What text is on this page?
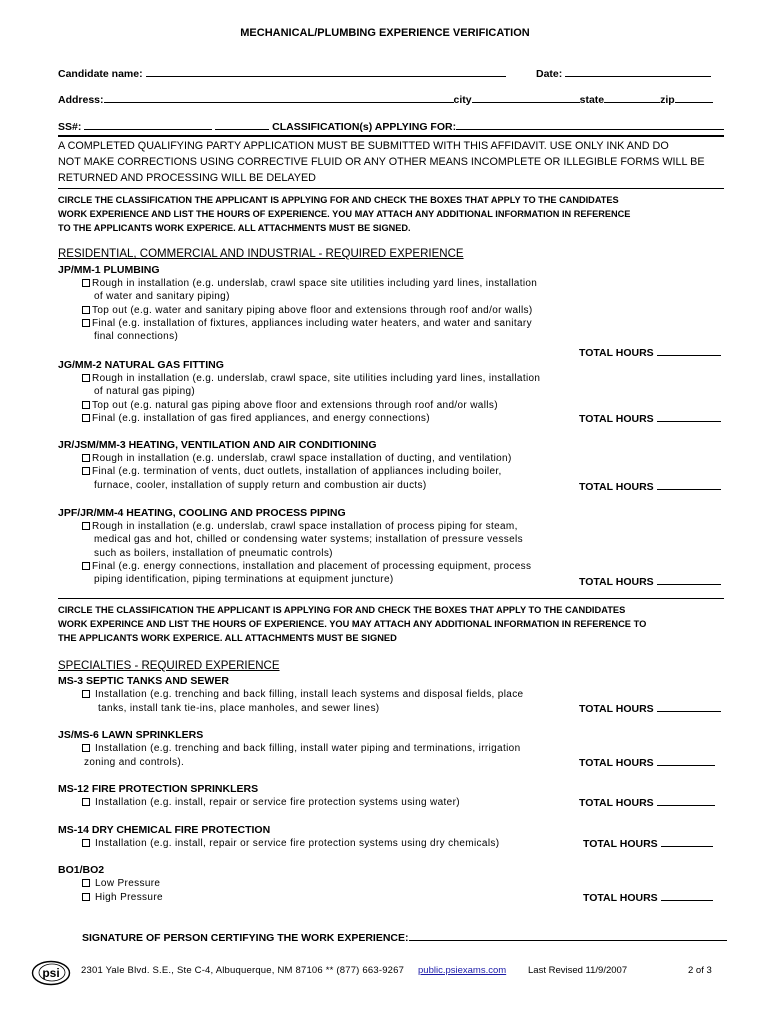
MECHANICAL/PLUMBING EXPERIENCE VERIFICATION
Candidate name:	Date:
Address:	city	state	zip
SS#:	CLASSIFICATION(s) APPLYING FOR:
A COMPLETED QUALIFYING PARTY APPLICATION MUST BE SUBMITTED WITH THIS AFFIDAVIT. USE ONLY INK AND DO
NOT MAKE CORRECTIONS USING CORRECTIVE FLUID OR ANY OTHER MEANS INCOMPLETE OR ILLEGIBLE FORMS WILL BE
RETURNED AND PROCESSING WILL BE DELAYED
CIRCLE THE CLASSIFICATION THE APPLICANT IS APPLYING FOR AND CHECK THE BOXES THAT APPLY TO THE CANDIDATES
WORK EXPERIENCE AND LIST THE HOURS OF EXPERIENCE. YOU MAY ATTACH ANY ADDITIONAL INFORMATION IN REFERENCE
TO THE APPLICANTS WORK EXPERICE. ALL ATTACHMENTS MUST BE SIGNED.
RESIDENTIAL, COMMERCIAL AND INDUSTRIAL - REQUIRED EXPERIENCE
JP/MM-1 PLUMBING
Rough in installation (e.g. underslab, crawl space site utilities including yard lines, installation
of water and sanitary piping)
Top out (e.g. water and sanitary piping above floor and extensions through roof and/or walls)
Final (e.g. installation of fixtures, appliances including water heaters, and water and sanitary
final connections)
TOTAL HOURS
JG/MM-2 NATURAL GAS FITTING
Rough in installation (e.g. underslab, crawl space, site utilities including yard lines, installation
of natural gas piping)
Top out (e.g. natural gas piping above floor and extensions through roof and/or walls)
Final (e.g. installation of gas fired appliances, and energy connections)	TOTAL HOURS
JR/JSM/MM-3 HEATING, VENTILATION AND AIR CONDITIONING
Rough in installation (e.g. underslab, crawl space installation of ducting, and ventilation)
Final (e.g. termination of vents, duct outlets, installation of appliances including boiler,
furnace, cooler, installation of supply return and combustion air ducts)	TOTAL HOURS
JPF/JR/MM-4 HEATING, COOLING AND PROCESS PIPING
Rough in installation (e.g. underslab, crawl space installation of process piping for steam,
medical gas and hot, chilled or condensing water systems; installation of pressure vessels
such as boilers, installation of pneumatic controls)
Final (e.g. energy connections, installation and placement of processing equipment, process
piping identification, piping terminations at equipment juncture)	TOTAL HOURS
CIRCLE THE CLASSIFICATION THE APPLICANT IS APPLYING FOR AND CHECK THE BOXES THAT APPLY TO THE CANDIDATES
WORK EXPERINCE AND LIST THE HOURS OF EXPERIENCE. YOU MAY ATTACH ANY ADDITIONAL INFORMATION IN REFERENCE TO
THE APPLICANTS WORK EXPERICE. ALL ATTACHMENTS MUST BE SIGNED
SPECIALTIES - REQUIRED EXPERIENCE
MS-3 SEPTIC TANKS AND SEWER
Installation (e.g. trenching and back filling, install leach systems and disposal fields, place
tanks, install tank tie-ins, place manholes, and sewer lines)	TOTAL HOURS
JS/MS-6 LAWN SPRINKLERS
Installation (e.g. trenching and back filling, install water piping and terminations, irrigation
zoning and controls).	TOTAL HOURS
MS-12 FIRE PROTECTION SPRINKLERS
Installation (e.g. install, repair or service fire protection systems using water)	TOTAL HOURS
MS-14 DRY CHEMICAL FIRE PROTECTION
Installation (e.g. install, repair or service fire protection systems using dry chemicals)	TOTAL HOURS
BO1/BO2
Low Pressure
High Pressure	TOTAL HOURS
SIGNATURE OF PERSON CERTIFYING THE WORK EXPERIENCE:
psi 2301 Yale Blvd. S.E., Ste C-4, Albuquerque, NM 87106 ** (877) 663-9267 public.psiexams.com Last Revised 11/9/2007	2 of 3
